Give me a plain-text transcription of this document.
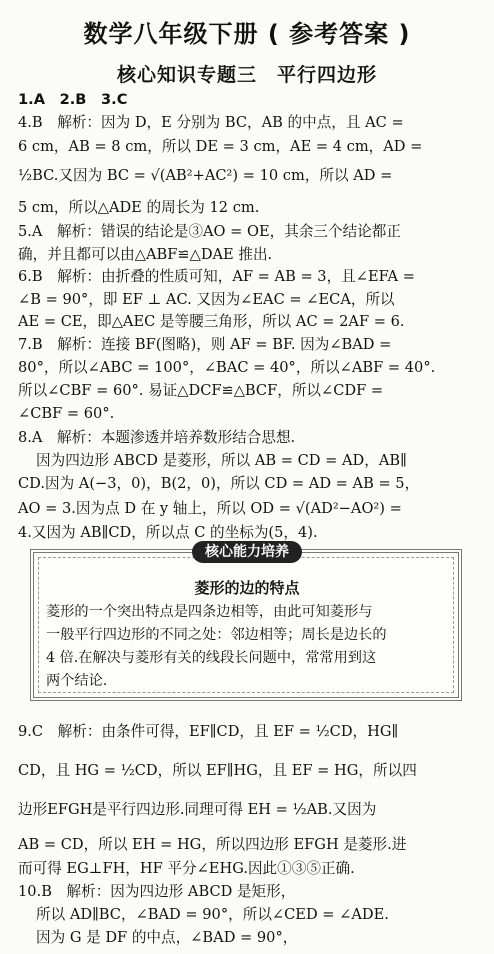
数学八年级下册 ( 参考答案 )
核心知识专题三　平行四边形
1.A　2.B　3.C
4.B　解析：因为 D，E 分别为 BC，AB 的中点，且 AC =
6 cm，AB = 8 cm，所以 DE = 3 cm，AE = 4 cm，AD =
½BC.又因为 BC = √(AB²+AC²) = 10 cm，所以 AD =
5 cm，所以△ADE 的周长为 12 cm.
5.A　解析：错误的结论是③AO = OE，其余三个结论都正
确，并且都可以由△ABF≌△DAE 推出.
6.B　解析：由折叠的性质可知，AF = AB = 3，且∠EFA =
∠B = 90°，即 EF ⊥ AC. 又因为∠EAC = ∠ECA，所以
AE = CE，即△AEC 是等腰三角形，所以 AC = 2AF = 6.
7.B　解析：连接 BF(图略)，则 AF = BF. 因为∠BAD =
80°，所以∠ABC = 100°，∠BAC = 40°，所以∠ABF = 40°.
所以∠CBF = 60°. 易证△DCF≌△BCF，所以∠CDF =
∠CBF = 60°.
8.A　解析：本题渗透并培养数形结合思想.
因为四边形 ABCD 是菱形，所以 AB = CD = AD，AB∥
CD.因为 A(−3，0)，B(2，0)，所以 CD = AD = AB = 5，
AO = 3.因为点 D 在 y 轴上，所以 OD = √(AD²−AO²) =
4.又因为 AB∥CD，所以点 C 的坐标为(5，4).
核心能力培养
菱形的边的特点
菱形的一个突出特点是四条边相等，由此可知菱形与
一般平行四边形的不同之处：邻边相等；周长是边长的
4 倍.在解决与菱形有关的线段长问题中，常常用到这
两个结论.
9.C　解析：由条件可得，EF∥CD，且 EF = ½CD，HG∥
CD，且 HG = ½CD，所以 EF∥HG，且 EF = HG，所以四
边形EFGH是平行四边形.同理可得 EH = ½AB.又因为
AB = CD，所以 EH = HG，所以四边形 EFGH 是菱形.进
而可得 EG⊥FH，HF 平分∠EHG.因此①③⑤正确.
10.B　解析：因为四边形 ABCD 是矩形，
所以 AD∥BC，∠BAD = 90°，所以∠CED = ∠ADE.
因为 G 是 DF 的中点，∠BAD = 90°，
